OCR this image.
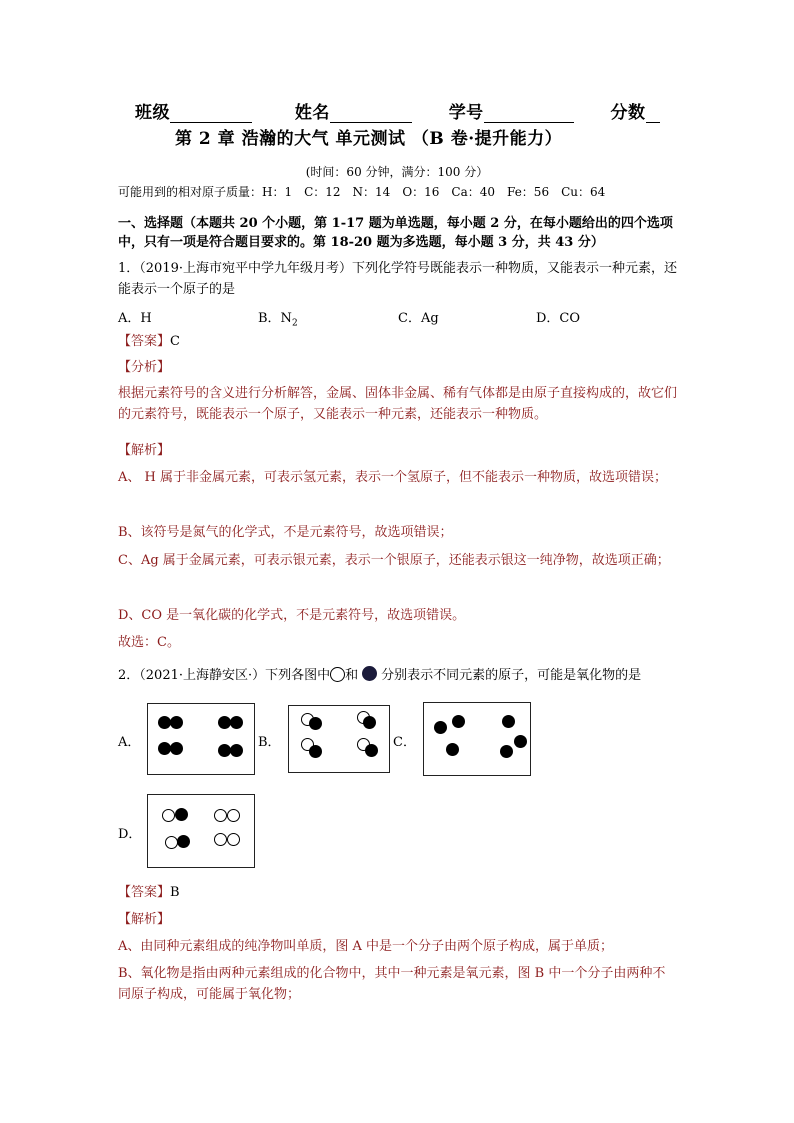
班级	姓名	学号	分数
第 2 章 浩瀚的大气 单元测试 （B 卷·提升能力）
(时间：60 分钟，满分：100 分）
可能用到的相对原子质量：H：1　C：12　N：14　O：16　Ca：40　Fe：56　Cu：64
一、选择题（本题共 20 个小题，第 1-17 题为单选题，每小题 2 分，在每小题给出的四个选项中，只有一项是符合题目要求的。第 18-20 题为多选题，每小题 3 分，共 43 分）
1．（2019·上海市宛平中学九年级月考）下列化学符号既能表示一种物质，又能表示一种元素，还能表示一个原子的是
A．H	B．$N_2$	C．Ag	D．CO
【答案】C
【分析】
根据元素符号的含义进行分析解答，金属、固体非金属、稀有气体都是由原子直接构成的，故它们的元素符号，既能表示一个原子，又能表示一种元素，还能表示一种物质。
【解析】
A、 H 属于非金属元素，可表示氢元素，表示一个氢原子，但不能表示一种物质，故选项错误；
B、该符号是氮气的化学式，不是元素符号，故选项错误；
C、Ag 属于金属元素，可表示银元素，表示一个银原子，还能表示银这一纯净物，故选项正确；
D、CO 是一氧化碳的化学式，不是元素符号，故选项错误。
故选：C。
2．（2021·上海静安区·）下列各图中 和 分别表示不同元素的原子，可能是氧化物的是
A．	B．	C．
D．
【答案】B
【解析】
A、由同种元素组成的纯净物叫单质，图 A 中是一个分子由两个原子构成，属于单质；
B、氧化物是指由两种元素组成的化合物中，其中一种元素是氧元素，图 B 中一个分子由两种不同原子构成，可能属于氧化物；
